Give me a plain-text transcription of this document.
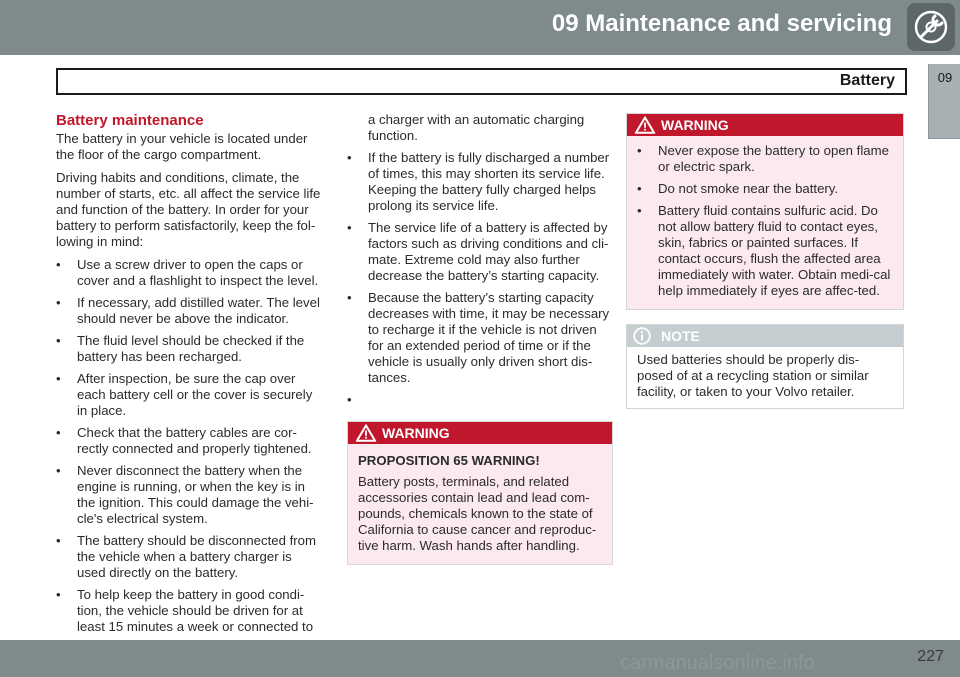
09 Maintenance and servicing
Battery	09
Battery maintenance

The battery in your vehicle is located under the floor of the cargo compartment.

Driving habits and conditions, climate, the number of starts, etc. all affect the service life and function of the battery. In order for your battery to perform satisfactorily, keep the fol-lowing in mind:

• Use a screw driver to open the caps or cover and a flashlight to inspect the level.
• If necessary, add distilled water. The level should never be above the indicator.
• The fluid level should be checked if the battery has been recharged.
• After inspection, be sure the cap over each battery cell or the cover is securely in place.
• Check that the battery cables are cor-rectly connected and properly tightened.
• Never disconnect the battery when the engine is running, or when the key is in the ignition. This could damage the vehi-cle's electrical system.
• The battery should be disconnected from the vehicle when a battery charger is used directly on the battery.
• To help keep the battery in good condi-tion, the vehicle should be driven for at least 15 minutes a week or connected to

a charger with an automatic charging function.

• If the battery is fully discharged a number of times, this may shorten its service life. Keeping the battery fully charged helps prolong its service life.
• The service life of a battery is affected by factors such as driving conditions and cli-mate. Extreme cold may also further decrease the battery’s starting capacity.
• Because the battery’s starting capacity decreases with time, it may be necessary to recharge it if the vehicle is not driven for an extended period of time or if the vehicle is usually only driven short dis-tances.
•
WARNING

PROPOSITION 65 WARNING!

Battery posts, terminals, and related accessories contain lead and lead com-pounds, chemicals known to the state of California to cause cancer and reproduc-tive harm. Wash hands after handling.

WARNING
• Never expose the battery to open flame or electric spark.
• Do not smoke near the battery.
• Battery fluid contains sulfuric acid. Do not allow battery fluid to contact eyes, skin, fabrics or painted surfaces. If contact occurs, flush the affected area immediately with water. Obtain medi-cal help immediately if eyes are affec-ted.
NOTE

Used batteries should be properly dis-posed of at a recycling station or similar facility, or taken to your Volvo retailer.

227
carmanualsonline.info
